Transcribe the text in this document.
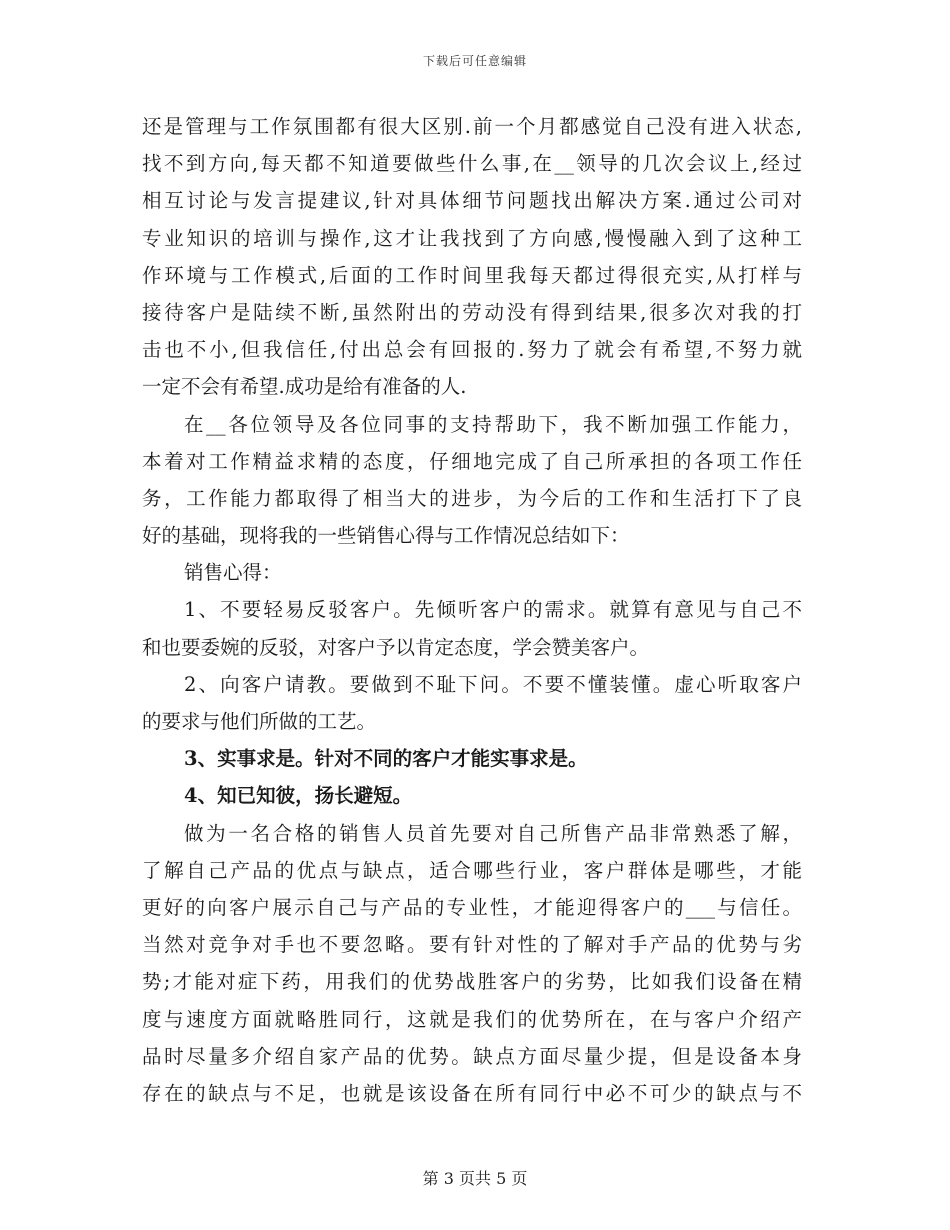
下载后可任意编辑
还是管理与工作氛围都有很大区别.前一个月都感觉自己没有进入状态,
找不到方向,每天都不知道要做些什么事,在__领导的几次会议上,经过
相互讨论与发言提建议,针对具体细节问题找出解决方案.通过公司对
专业知识的培训与操作,这才让我找到了方向感,慢慢融入到了这种工
作环境与工作模式,后面的工作时间里我每天都过得很充实,从打样与
接待客户是陆续不断,虽然附出的劳动没有得到结果,很多次对我的打
击也不小,但我信任,付出总会有回报的.努力了就会有希望,不努力就
一定不会有希望.成功是给有准备的人.
在__各位领导及各位同事的支持帮助下，我不断加强工作能力，
本着对工作精益求精的态度，仔细地完成了自己所承担的各项工作任
务，工作能力都取得了相当大的进步，为今后的工作和生活打下了良
好的基础，现将我的一些销售心得与工作情况总结如下：
销售心得：
1、不要轻易反驳客户。先倾听客户的需求。就算有意见与自己不
和也要委婉的反驳，对客户予以肯定态度，学会赞美客户。
2、向客户请教。要做到不耻下问。不要不懂装懂。虚心听取客户
的要求与他们所做的工艺。
3、实事求是。针对不同的客户才能实事求是。
4、知已知彼，扬长避短。
做为一名合格的销售人员首先要对自己所售产品非常熟悉了解，
了解自己产品的优点与缺点，适合哪些行业，客户群体是哪些，才能
更好的向客户展示自己与产品的专业性，才能迎得客户的___与信任。
当然对竞争对手也不要忽略。要有针对性的了解对手产品的优势与劣
势;才能对症下药，用我们的优势战胜客户的劣势，比如我们设备在精
度与速度方面就略胜同行，这就是我们的优势所在，在与客户介绍产
品时尽量多介绍自家产品的优势。缺点方面尽量少提，但是设备本身
存在的缺点与不足，也就是该设备在所有同行中必不可少的缺点与不
第 3 页共 5 页
